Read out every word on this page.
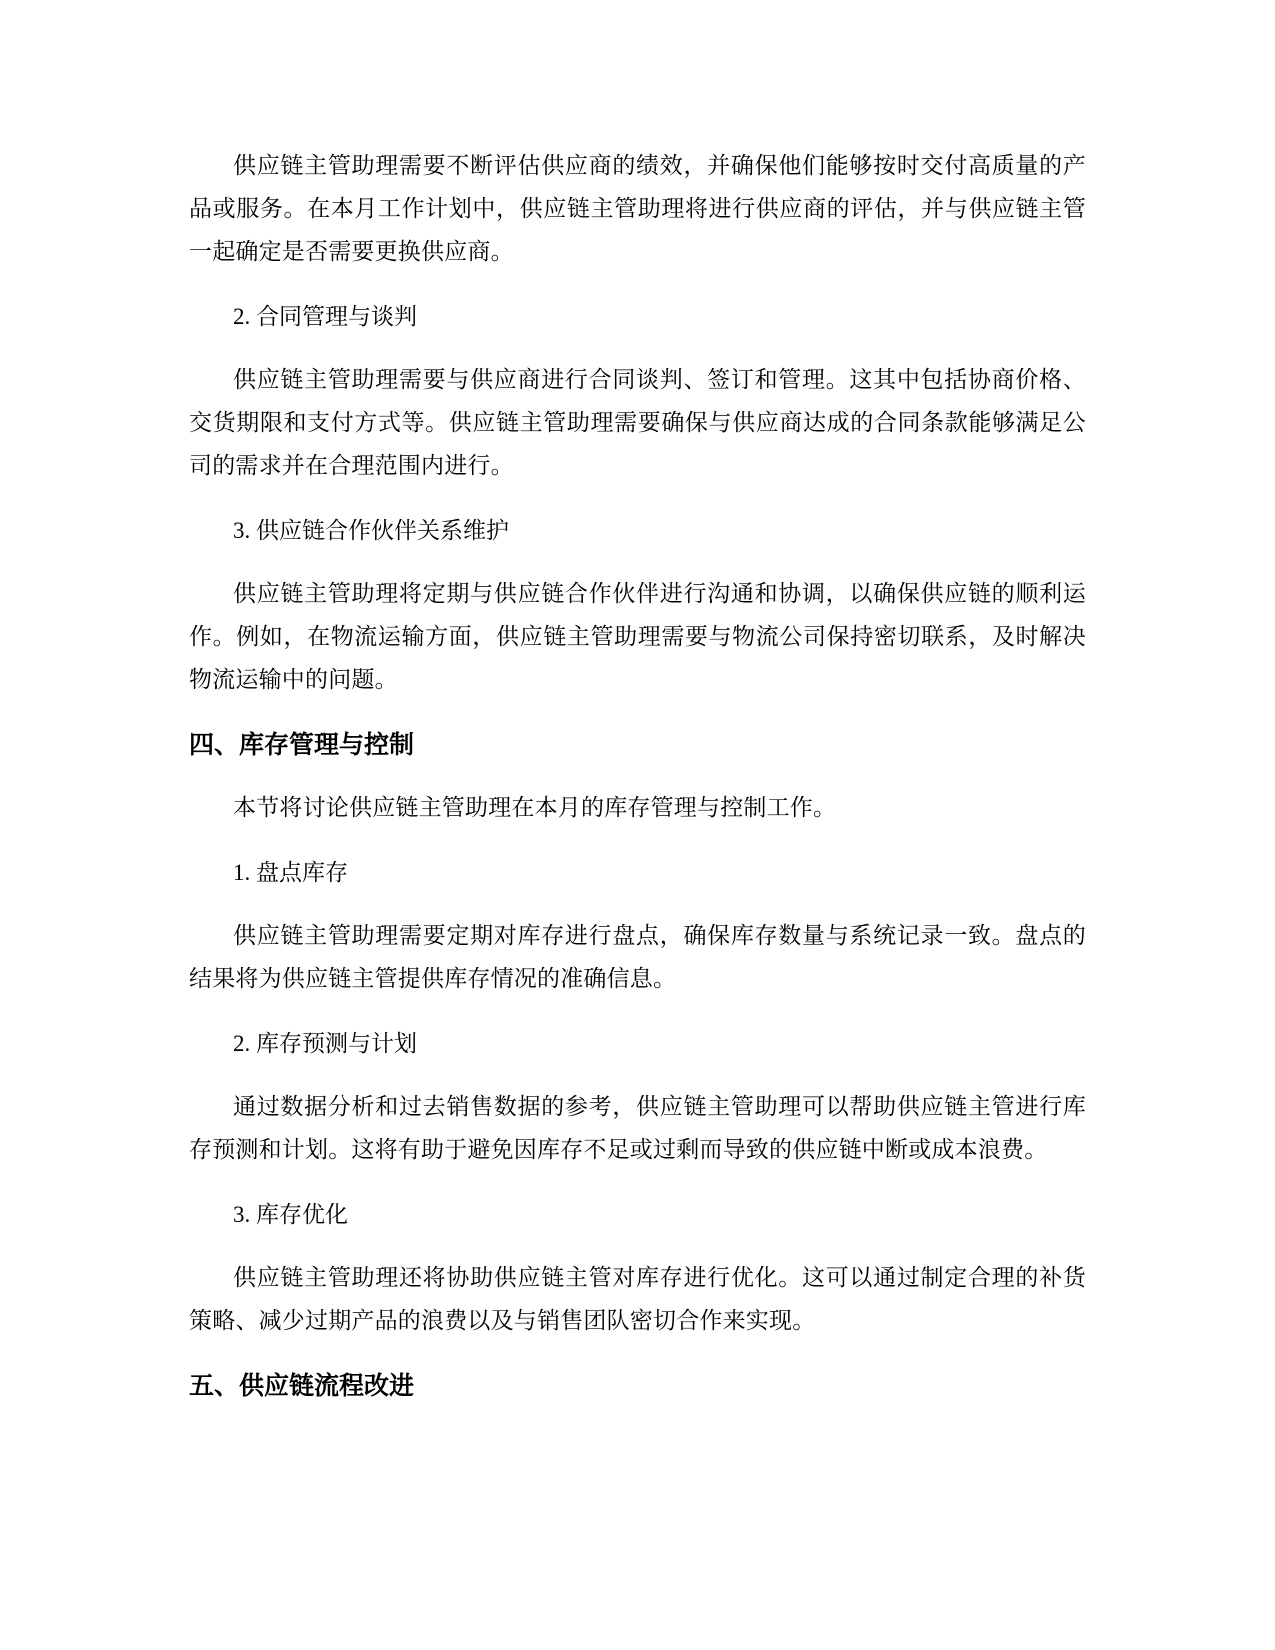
供应链主管助理需要不断评估供应商的绩效，并确保他们能够按时交付高质量的产品或服务。在本月工作计划中，供应链主管助理将进行供应商的评估，并与供应链主管一起确定是否需要更换供应商。

2. 合同管理与谈判

供应链主管助理需要与供应商进行合同谈判、签订和管理。这其中包括协商价格、交货期限和支付方式等。供应链主管助理需要确保与供应商达成的合同条款能够满足公司的需求并在合理范围内进行。

3. 供应链合作伙伴关系维护

供应链主管助理将定期与供应链合作伙伴进行沟通和协调，以确保供应链的顺利运作。例如，在物流运输方面，供应链主管助理需要与物流公司保持密切联系，及时解决物流运输中的问题。

四、库存管理与控制

本节将讨论供应链主管助理在本月的库存管理与控制工作。

1. 盘点库存

供应链主管助理需要定期对库存进行盘点，确保库存数量与系统记录一致。盘点的结果将为供应链主管提供库存情况的准确信息。

2. 库存预测与计划

通过数据分析和过去销售数据的参考，供应链主管助理可以帮助供应链主管进行库存预测和计划。这将有助于避免因库存不足或过剩而导致的供应链中断或成本浪费。

3. 库存优化

供应链主管助理还将协助供应链主管对库存进行优化。这可以通过制定合理的补货策略、减少过期产品的浪费以及与销售团队密切合作来实现。

五、供应链流程改进
